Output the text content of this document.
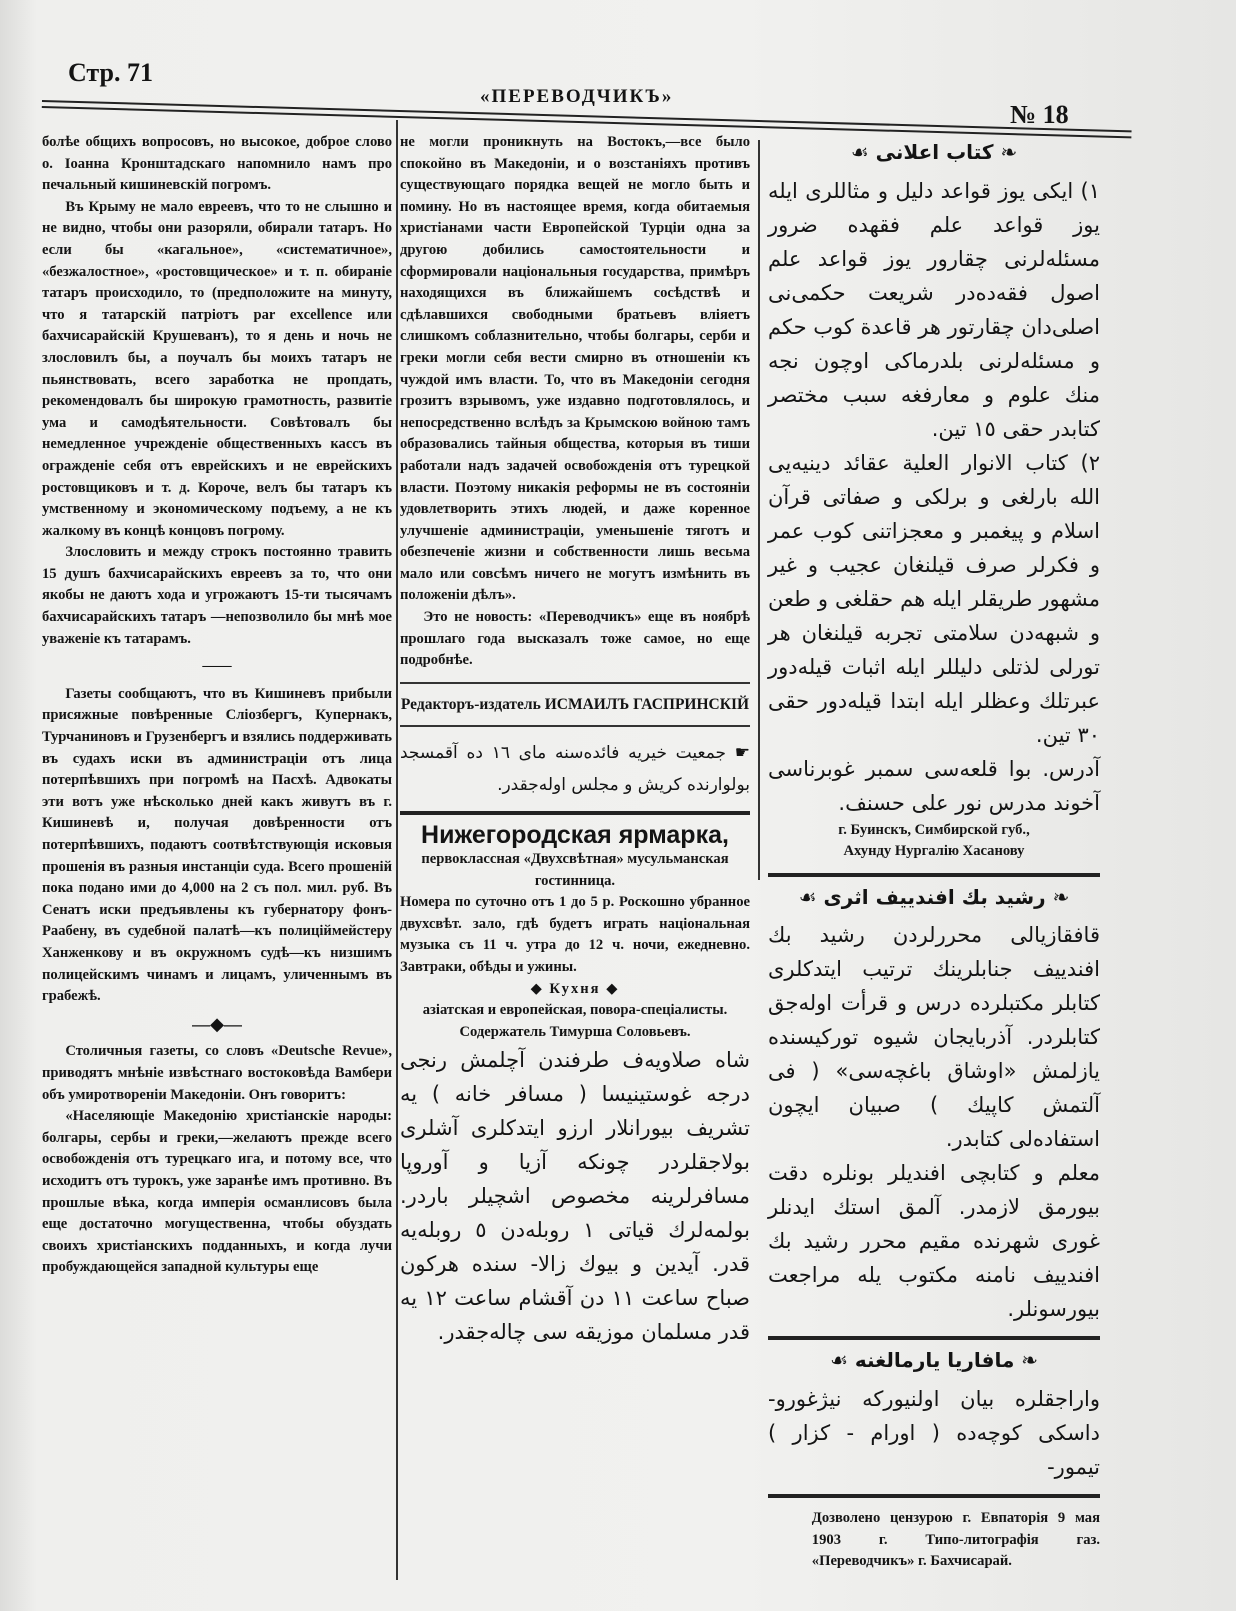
Стр. 71
«ПЕРЕВОДЧИКЪ»
№ 18

болѣе общихъ вопросовъ, но высокое, доброе слово о. Іоанна Кронштадскаго напомнило намъ про печальный кишиневскій погромъ.

Въ Крыму не мало евреевъ, что то не слышно и не видно, чтобы они разоряли, обирали татаръ. Но если бы «кагальное», «систематичное», «безжалостное», «ростовщическое» и т. п. обираніе татаръ происходило, то (предположите на минуту, что я татарскій патріотъ par excellence или бахчисарайскій Крушеванъ), то я день и ночь не злословилъ бы, а поучалъ бы моихъ татаръ не пьянствовать, всего заработка не пропдать, рекомендовалъ бы широкую грамотность, развитіе ума и самодѣятельности. Совѣтовалъ бы немедленное учрежденіе общественныхъ кассъ въ огражденіе себя отъ еврейскихъ и не еврейскихъ ростовщиковъ и т. д. Короче, велъ бы татаръ къ умственному и экономическому подъему, а не къ жалкому въ концѣ концовъ погрому.

Злословить и между строкъ постоянно травить 15 душъ бахчисарайскихъ евреевъ за то, что они якобы не даютъ хода и угрожаютъ 15-ти тысячамъ бахчисарайскихъ татаръ —непозволило бы мнѣ мое уваженіе къ татарамъ.

——

Газеты сообщаютъ, что въ Кишиневъ прибыли присяжные повѣренные Сліозбергъ, Купернакъ, Турчаниновъ и Грузенбергъ и взялись поддерживать въ судахъ иски въ администраціи отъ лица потерпѣвшихъ при погромѣ на Пасхѣ. Адвокаты эти вотъ уже нѣсколько дней какъ живутъ въ г. Кишиневѣ и, получая довѣренности отъ потерпѣвшихъ, подаютъ соотвѣтствующія исковыя прошенія въ разныя инстанціи суда. Всего прошеній пока подано ими до 4,000 на 2 съ пол. мил. руб. Въ Сенатъ иски предъявлены къ губернатору фонъ-Раабену, въ судебной палатѣ—къ полиціймейстеру Ханженкову и въ окружномъ судѣ—къ низшимъ полицейскимъ чинамъ и лицамъ, уличеннымъ въ грабежѣ.

—◆—

Столичныя газеты, со словъ «Deutsche Revue», приводятъ мнѣніе извѣстнаго востоковѣда Вамбери объ умиротвореніи Македоніи. Онъ говоритъ:

«Населяющіе Македонію христіанскіе народы: болгары, сербы и греки,—желаютъ прежде всего освобожденія отъ турецкаго ига, и потому все, что исходитъ отъ турокъ, уже заранѣе имъ противно. Въ прошлые вѣка, когда имперія османлисовъ была еще достаточно могущественна, чтобы обуздать своихъ христіанскихъ подданныхъ, и когда лучи пробуждающейся западной культуры еще

не могли проникнуть на Востокъ,—все было спокойно въ Македоніи, и о возстаніяхъ противъ существующаго порядка вещей не могло быть и помину. Но въ настоящее время, когда обитаемыя христіанами части Европейской Турціи одна за другою добились самостоятельности и сформировали національныя государства, примѣръ находящихся въ ближайшемъ сосѣдствѣ и сдѣлавшихся свободными братьевъ вліяетъ слишкомъ соблазнительно, чтобы болгары, серби и греки могли себя вести смирно въ отношеніи къ чуждой имъ власти. То, что въ Македоніи сегодня грозитъ взрывомъ, уже издавно подготовлялось, и непосредственно вслѣдъ за Крымскою войною тамъ образовались тайныя общества, которыя въ тиши работали надъ задачей освобожденія отъ турецкой власти. Поэтому никакія реформы не въ состояніи удовлетворить этихъ людей, и даже коренное улучшеніе администраціи, уменьшеніе тяготъ и обезпеченіе жизни и собственности лишь весьма мало или совсѣмъ ничего не могутъ измѣнить въ положеніи дѣлъ».

Это не новость: «Переводчикъ» еще въ ноябрѣ прошлаго года высказалъ тоже самое, но еще подробнѣе.

Редакторъ-издатель ИСМАИЛЪ ГАСПРИНСКІЙ

☛ جمعیت خیریه فائده‌سنه مای ١٦ ده آقمسجد بولوارنده کریش و مجلس اوله‌جقدر.

Нижегородская ярмарка,

первоклассная «Двухсвѣтная» мусульманская гостинница.

Номера по суточно отъ 1 до 5 р. Роскошно убранное двухсвѣт. зало, гдѣ будетъ играть національная музыка съ 11 ч. утра до 12 ч. ночи, ежедневно. Завтраки, обѣды и ужины.

◆ Кухня ◆

азіатская и европейская, повора-спеціалисты.

Содержатель Тимурша Соловьевъ.

شاه صلاویه‌ف طرفندن آچلمش رنجی درجه غوستینیسا ( مسافر خانه ) یه تشریف بیورانلار ارزو ایتدکلری آشلری بولاجقلردر چونکه آزیا و آوروپا مسافرلرینه مخصوص اشچیلر باردر. بولمه‌لرك قیاتی ١ روبله‌دن ٥ روبله‌یه قدر. آیدین و بیوك زالا- سنده هرکون صباح ساعت ١١ دن آقشام ساعت ١٢ یه قدر مسلمان موزیقه سی چاله‌جقدر.

❧ کتاب اعلانی ☙

١) ایکی یوز قواعد دلیل و مثاللری ایله یوز قواعد علم فقهده ضرور مسئله‌لرنی چقارور یوز قواعد علم اصول فقه‌ده‌در شریعت حکمی‌نی اصلی‌دان چقارتور هر قاعدة کوب حکم و مسئله‌لرنی بلدرماکی اوچون نجه منك علوم و معارفغه سبب مختصر کتابدر حقی ١٥ تین.

٢) کتاب الانوار العلیة عقائد دینیه‌یی الله بارلغی و برلکی و صفاتی قرآن اسلام و پیغمبر و معجزاتنی کوب عمر و فکرلر صرف قیلنغان عجیب و غیر مشهور طریقلر ایله هم حقلغی و طعن و شبهه‌دن سلامتی تجربه قیلنغان هر تورلی لذتلی دلیللر ایله اثبات قیله‌دور عبرتلك وعظلر ایله ابتدا قیله‌دور حقی ٣٠ تین.

آدرس. بوا قلعه‌سی سمبر غوبرناسی آخوند مدرس نور علی حسنف.

г. Буинскъ, Симбирской губ.,

Ахунду Нургалію Хасанову

❧ رشید بك افندییف اثری ☙

قافقازیالی محررلردن رشید بك افندییف جنابلرینك ترتیب ایتدکلری کتابلر مکتبلرده درس و قرأت اوله‌جق کتابلردر. آذربایجان شیوه تورکیسنده یازلمش «اوشاق باغچه‌سی» ( فی آلتمش کاپیك ) صبیان ایچون استفاده‌لی کتابدر.

معلم و کتابچی افندیلر بونلره دقت بیورمق لازمدر. آلمق استك ایدنلر غوری شهرنده مقیم محرر رشید بك افندییف نامنه مکتوب یله مراجعت بیورسونلر.

❧ مافاریا یارمالغنه ☙

واراجقلره بیان اولنیورکه نیژغورو- داسکی کوچه‌ده ( اورام - کزار ) تیمور-

Дозволено цензурою г. Евпаторія 9 мая 1903 г. Типо-литографія газ. «Переводчикъ» г. Бахчисарай.
